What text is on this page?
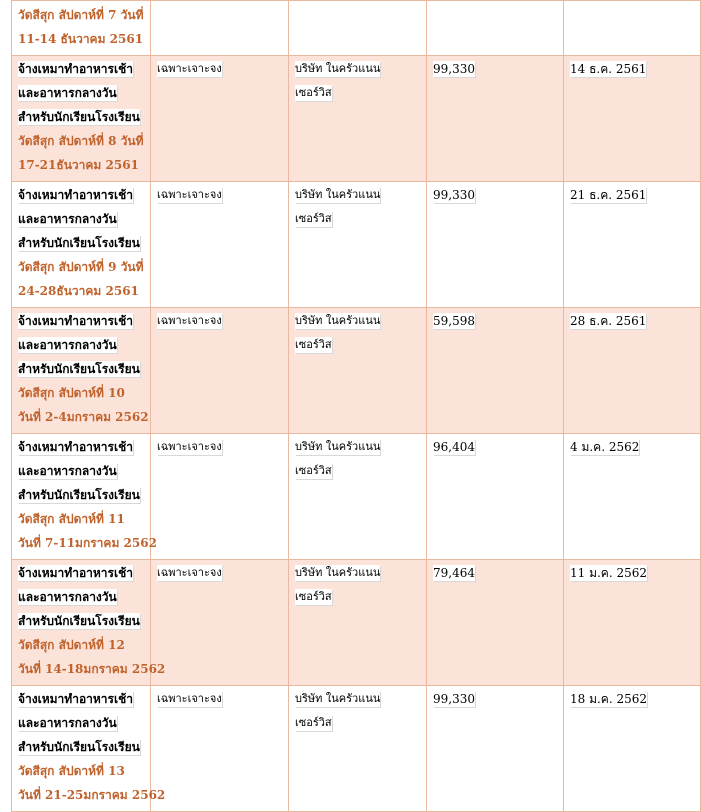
วัดสีสุก สัปดาห์ที่ 7 วันที่
11-14 ธันวาคม 2561				

จ้างเหมาทำอาหารเช้า
และอาหารกลางวัน
สำหรับนักเรียนโรงเรียน
วัดสีสุก สัปดาห์ที่ 8 วันที่
17-21ธันวาคม 2561	เฉพาะเจาะจง	บริษัท ในครัวแนน
เซอร์วิส	99,330	14 ธ.ค. 2561

จ้างเหมาทำอาหารเช้า
และอาหารกลางวัน
สำหรับนักเรียนโรงเรียน
วัดสีสุก สัปดาห์ที่ 9 วันที่
24-28ธันวาคม 2561	เฉพาะเจาะจง	บริษัท ในครัวแนน
เซอร์วิส	99,330	21 ธ.ค. 2561

จ้างเหมาทำอาหารเช้า
และอาหารกลางวัน
สำหรับนักเรียนโรงเรียน
วัดสีสุก สัปดาห์ที่ 10
วันที่ 2-4มกราคม 2562	เฉพาะเจาะจง	บริษัท ในครัวแนน
เซอร์วิส	59,598	28 ธ.ค. 2561

จ้างเหมาทำอาหารเช้า
และอาหารกลางวัน
สำหรับนักเรียนโรงเรียน
วัดสีสุก สัปดาห์ที่ 11
วันที่ 7-11มกราคม 2562	เฉพาะเจาะจง	บริษัท ในครัวแนน
เซอร์วิส	96,404	4 ม.ค. 2562

จ้างเหมาทำอาหารเช้า
และอาหารกลางวัน
สำหรับนักเรียนโรงเรียน
วัดสีสุก สัปดาห์ที่ 12
วันที่ 14-18มกราคม 2562	เฉพาะเจาะจง	บริษัท ในครัวแนน
เซอร์วิส	79,464	11 ม.ค. 2562

จ้างเหมาทำอาหารเช้า
และอาหารกลางวัน
สำหรับนักเรียนโรงเรียน
วัดสีสุก สัปดาห์ที่ 13
วันที่ 21-25มกราคม 2562	เฉพาะเจาะจง	บริษัท ในครัวแนน
เซอร์วิส	99,330	18 ม.ค. 2562
